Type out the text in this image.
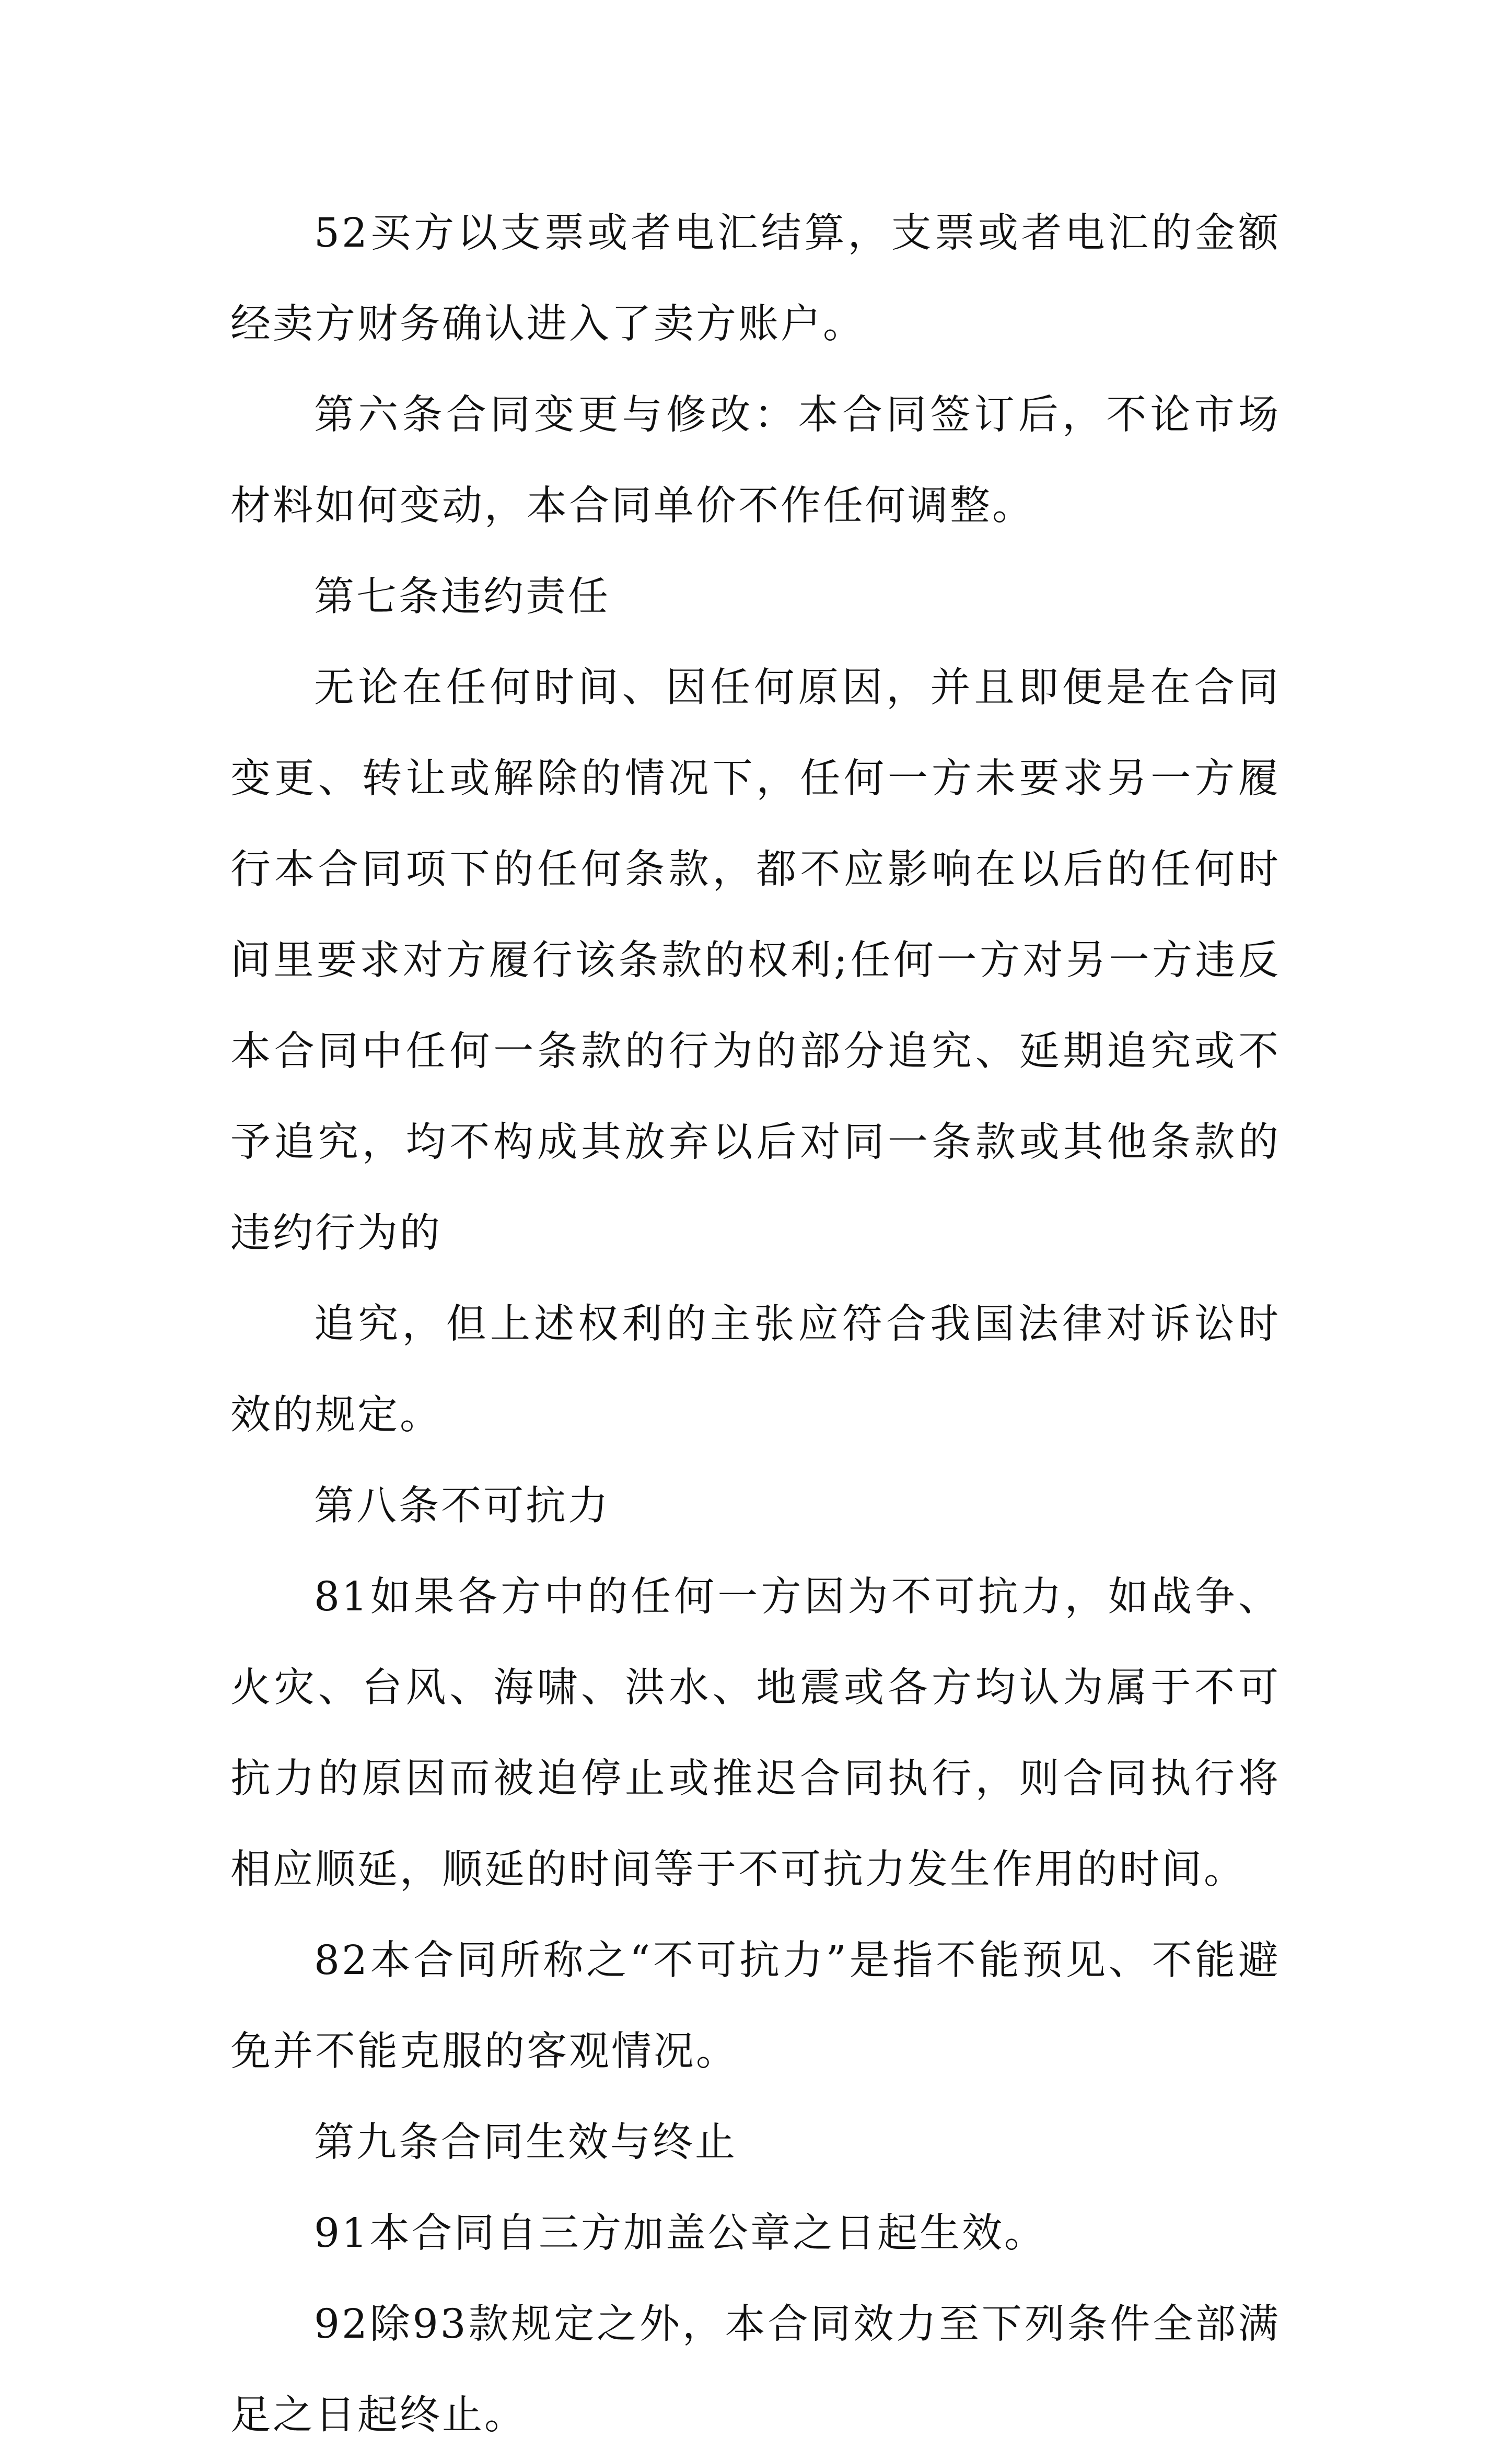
52买方以支票或者电汇结算，支票或者电汇的金额经卖方财务确认进入了卖方账户。

第六条合同变更与修改：本合同签订后，不论市场材料如何变动，本合同单价不作任何调整。

第七条违约责任

无论在任何时间、因任何原因，并且即便是在合同变更、转让或解除的情况下，任何一方未要求另一方履行本合同项下的任何条款，都不应影响在以后的任何时间里要求对方履行该条款的权利;任何一方对另一方违反本合同中任何一条款的行为的部分追究、延期追究或不予追究，均不构成其放弃以后对同一条款或其他条款的违约行为的

追究，但上述权利的主张应符合我国法律对诉讼时效的规定。

第八条不可抗力

81如果各方中的任何一方因为不可抗力，如战争、火灾、台风、海啸、洪水、地震或各方均认为属于不可抗力的原因而被迫停止或推迟合同执行，则合同执行将相应顺延，顺延的时间等于不可抗力发生作用的时间。

82本合同所称之“不可抗力”是指不能预见、不能避免并不能克服的客观情况。

第九条合同生效与终止

91本合同自三方加盖公章之日起生效。

92除93款规定之外，本合同效力至下列条件全部满足之日起终止。
